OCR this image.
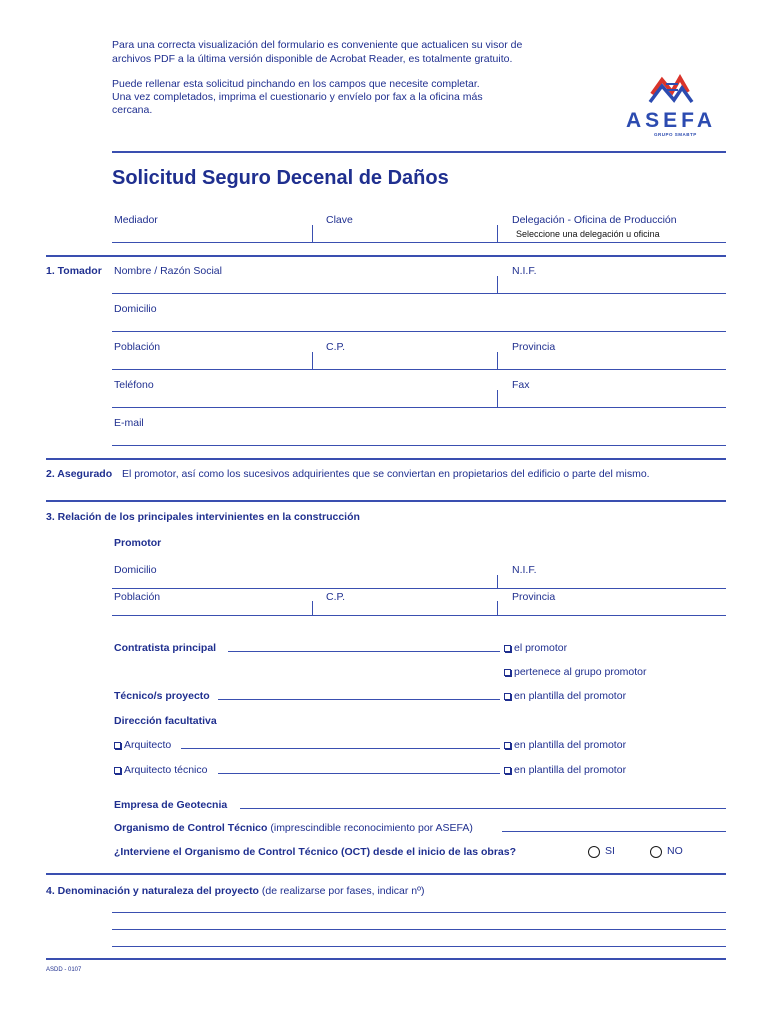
Para una correcta visualización del formulario es conveniente que actualicen su visor de
archivos PDF a la última versión disponible de Acrobat Reader, es totalmente gratuito.
Puede rellenar esta solicitud pinchando en los campos que necesite completar.
Una vez completados, imprima el cuestionario y envíelo por fax a la oficina más
cercana.	ASEFA
GRUPO SMABTP
Solicitud Seguro Decenal de Daños
Mediador	Clave	Delegación - Oficina de Producción
Seleccione una delegación u oficina
1. Tomador Nombre / Razón Social	N.I.F.
Domicilio
Población	C.P.	Provincia
Teléfono	Fax
E-mail
2. Asegurado El promotor, así como los sucesivos adquirientes que se conviertan en propietarios del edificio o parte del mismo.
3. Relación de los principales intervinientes en la construcción
Promotor
Domicilio	N.I.F.
Población	C.P.	Provincia
Contratista principal	el promotor
pertenece al grupo promotor
Técnico/s proyecto	en plantilla del promotor
Dirección facultativa
Arquitecto	en plantilla del promotor
Arquitecto técnico	en plantilla del promotor
Empresa de Geotecnia
Organismo de Control Técnico (imprescindible reconocimiento por ASEFA)
¿Interviene el Organismo de Control Técnico (OCT) desde el inicio de las obras?	SI	NO
4. Denominación y naturaleza del proyecto (de realizarse por fases, indicar nº)
ASDD - 0107
